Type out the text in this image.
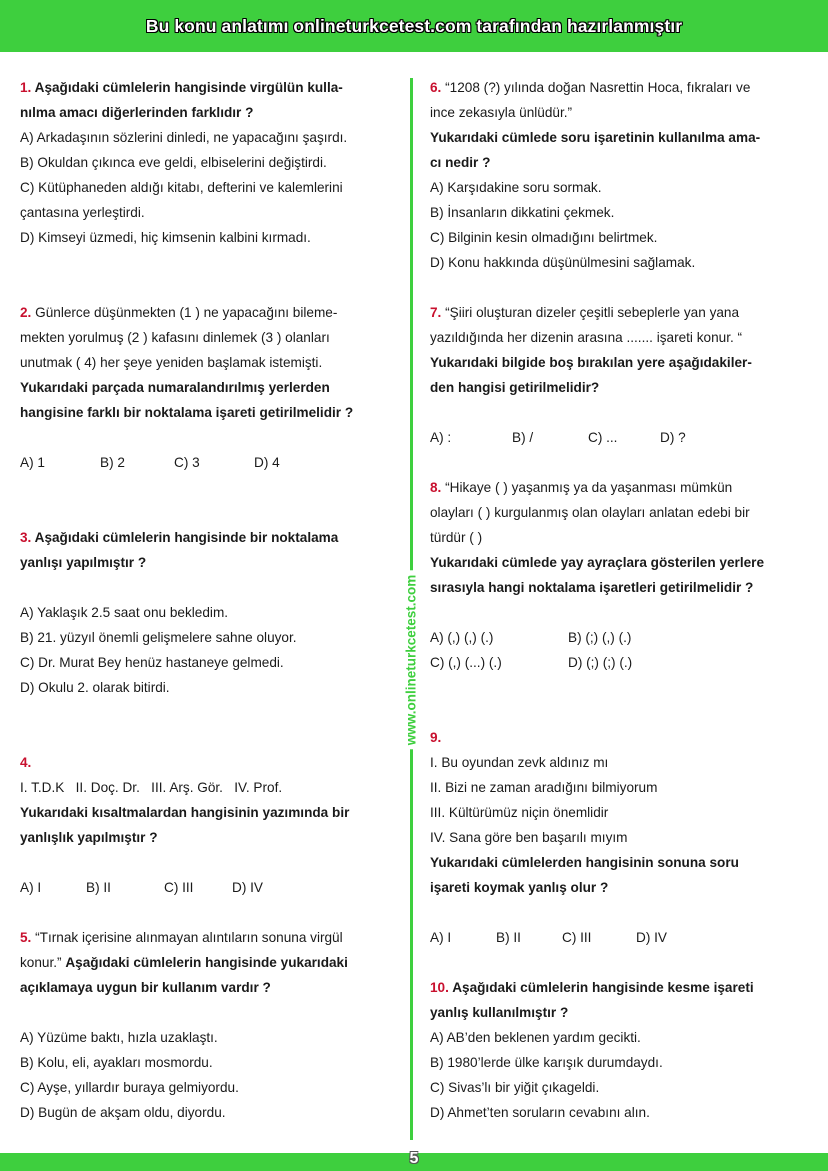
Bu konu anlatımı onlineturkcetest.com tarafından hazırlanmıştır
www.onlineturkcetest.com

1. Aşağıdaki cümlelerin hangisinde virgülün kulla-

nılma amacı diğerlerinden farklıdır ?

A) Arkadaşının sözlerini dinledi, ne yapacağını şaşırdı.

B) Okuldan çıkınca eve geldi, elbiselerini değiştirdi.

C) Kütüphaneden aldığı kitabı, defterini ve kalemlerini

çantasına yerleştirdi.

D) Kimseyi üzmedi, hiç kimsenin kalbini kırmadı.

2. Günlerce düşünmekten (1 ) ne yapacağını bileme-

mekten yorulmuş (2 ) kafasını dinlemek (3 ) olanları

unutmak ( 4) her şeye yeniden başlamak istemişti.

Yukarıdaki parçada numaralandırılmış yerlerden

hangisine farklı bir noktalama işareti getirilmelidir ?

A) 1	B) 2	C) 3	D) 4

3. Aşağıdaki cümlelerin hangisinde bir noktalama

yanlışı yapılmıştır ?

A) Yaklaşık 2.5 saat onu bekledim.

B) 21. yüzyıl önemli gelişmelere sahne oluyor.

C) Dr. Murat Bey henüz hastaneye gelmedi.

D) Okulu 2. olarak bitirdi.

4.

I. T.D.K   II. Doç. Dr.   III. Arş. Gör.   IV. Prof.

Yukarıdaki kısaltmalardan hangisinin yazımında bir

yanlışlık yapılmıştır ?

A) I	B) II	C) III	D) IV

5. “Tırnak içerisine alınmayan alıntıların sonuna virgül

konur.” Aşağıdaki cümlelerin hangisinde yukarıdaki

açıklamaya uygun bir kullanım vardır ?

A) Yüzüme baktı, hızla uzaklaştı.

B) Kolu, eli, ayakları mosmordu.

C) Ayşe, yıllardır buraya gelmiyordu.

D) Bugün de akşam oldu, diyordu.

6. “1208 (?) yılında doğan Nasrettin Hoca, fıkraları ve

ince zekasıyla ünlüdür.”

Yukarıdaki cümlede soru işaretinin kullanılma ama-

cı nedir ?

A) Karşıdakine soru sormak.

B) İnsanların dikkatini çekmek.

C) Bilginin kesin olmadığını belirtmek.

D) Konu hakkında düşünülmesini sağlamak.

7. “Şiiri oluşturan dizeler çeşitli sebeplerle yan yana

yazıldığında her dizenin arasına ....... işareti konur. “

Yukarıdaki bilgide boş bırakılan yere aşağıdakiler-

den hangisi getirilmelidir?

A) :	B) /	C) ...	D) ?

8. “Hikaye ( ) yaşanmış ya da yaşanması mümkün

olayları ( ) kurgulanmış olan olayları anlatan edebi bir

türdür ( )

Yukarıdaki cümlede yay ayraçlara gösterilen yerlere

sırasıyla hangi noktalama işaretleri getirilmelidir ?

A) (,) (,) (.)	B) (;) (,) (.)
C) (,) (...) (.)	D) (;) (;) (.)

9.

I. Bu oyundan zevk aldınız mı

II. Bizi ne zaman aradığını bilmiyorum

III. Kültürümüz niçin önemlidir

IV. Sana göre ben başarılı mıyım

Yukarıdaki cümlelerden hangisinin sonuna soru

işareti koymak yanlış olur ?

A) I	B) II	C) III	D) IV

10. Aşağıdaki cümlelerin hangisinde kesme işareti

yanlış kullanılmıştır ?

A) AB’den beklenen yardım gecikti.

B) 1980’lerde ülke karışık durumdaydı.

C) Sivas’lı bir yiğit çıkageldi.

D) Ahmet’ten soruların cevabını alın.

5
